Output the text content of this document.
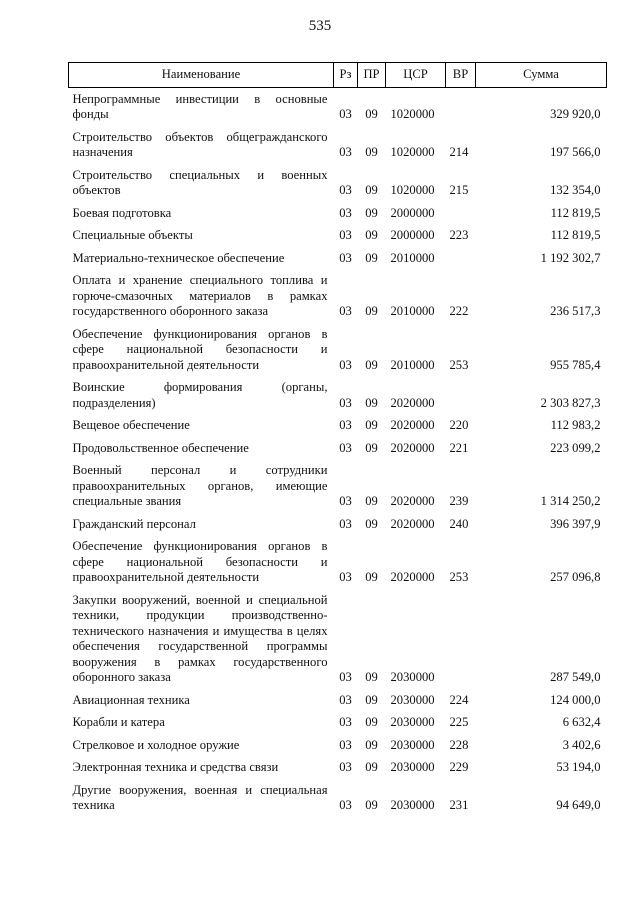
535
Наименование	Рз	ПР	ЦСР	ВР	Сумма
Непрограммные инвестиции в основные фонды	03	09	1020000		329 920,0
Строительство объектов общегражданского назначения	03	09	1020000	214	197 566,0
Строительство специальных и военных объектов	03	09	1020000	215	132 354,0
Боевая подготовка	03	09	2000000		112 819,5
Специальные объекты	03	09	2000000	223	112 819,5
Материально-техническое обеспечение	03	09	2010000		1 192 302,7
Оплата и хранение специального топлива и горюче-смазочных материалов в рамках государственного оборонного заказа	03	09	2010000	222	236 517,3
Обеспечение функционирования органов в сфере национальной безопасности и правоохранительной деятельности	03	09	2010000	253	955 785,4
Воинские формирования (органы, подразделения)	03	09	2020000		2 303 827,3
Вещевое обеспечение	03	09	2020000	220	112 983,2
Продовольственное обеспечение	03	09	2020000	221	223 099,2
Военный персонал и сотрудники правоохранительных органов, имеющие специальные звания	03	09	2020000	239	1 314 250,2
Гражданский персонал	03	09	2020000	240	396 397,9
Обеспечение функционирования органов в сфере национальной безопасности и правоохранительной деятельности	03	09	2020000	253	257 096,8
Закупки вооружений, военной и специальной техники, продукции производственно-технического назначения и имущества в целях обеспечения государственной программы вооружения в рамках государственного оборонного заказа	03	09	2030000		287 549,0
Авиационная техника	03	09	2030000	224	124 000,0
Корабли и катера	03	09	2030000	225	6 632,4
Стрелковое и холодное оружие	03	09	2030000	228	3 402,6
Электронная техника и средства связи	03	09	2030000	229	53 194,0
Другие вооружения, военная и специальная техника	03	09	2030000	231	94 649,0
